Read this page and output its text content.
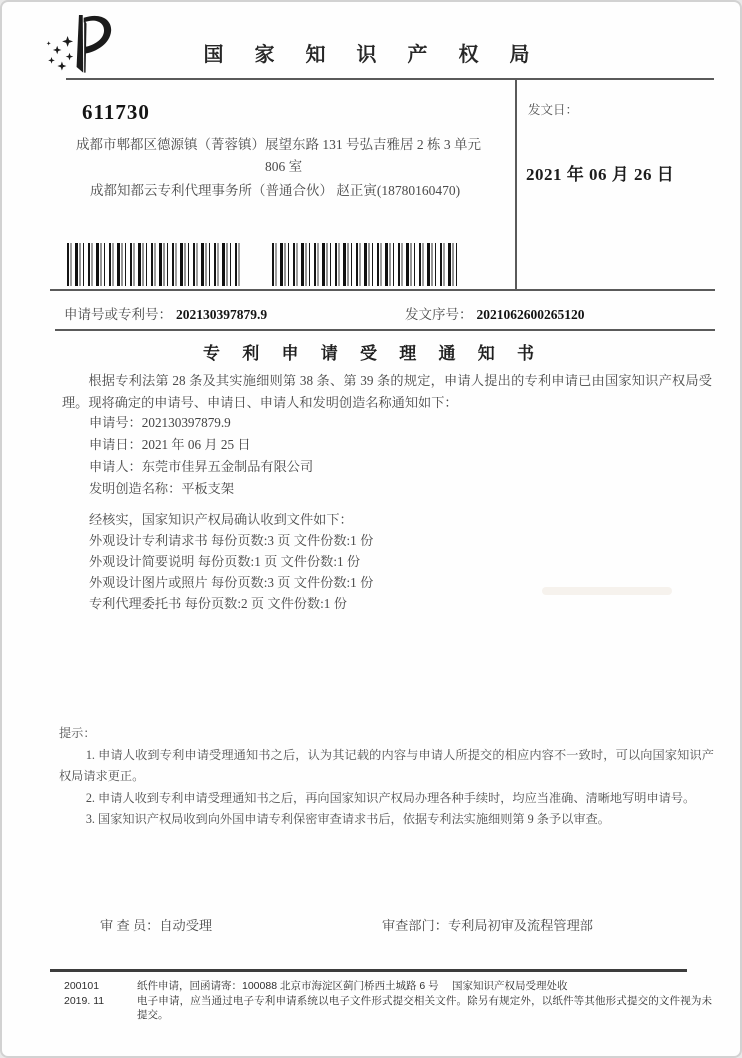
国 家 知 识 产 权 局
611730
成都市郫都区德源镇（菁蓉镇）展望东路 131 号弘吉雅居 2 栋 3 单元
806 室
成都知都云专利代理事务所（普通合伙） 赵正寅(18780160470)
发文日：
2021 年 06 月 26 日
申请号或专利号： 202130397879.9	发文序号： 2021062600265120
专 利 申 请 受 理 通 知 书

根据专利法第 28 条及其实施细则第 38 条、第 39 条的规定，申请人提出的专利申请已由国家知识产权局受理。现将确定的申请号、申请日、申请人和发明创造名称通知如下：

申请号：202130397879.9
申请日：2021 年 06 月 25 日
申请人：东莞市佳昇五金制品有限公司
发明创造名称：平板支架
经核实，国家知识产权局确认收到文件如下：
外观设计专利请求书 每份页数:3 页 文件份数:1 份
外观设计简要说明 每份页数:1 页 文件份数:1 份
外观设计图片或照片 每份页数:3 页 文件份数:1 份
专利代理委托书 每份页数:2 页 文件份数:1 份

提示：

1. 申请人收到专利申请受理通知书之后，认为其记载的内容与申请人所提交的相应内容不一致时，可以向国家知识产权局请求更正。

2. 申请人收到专利申请受理通知书之后，再向国家知识产权局办理各种手续时，均应当准确、清晰地写明申请号。

3. 国家知识产权局收到向外国申请专利保密审查请求书后，依据专利法实施细则第 9 条予以审查。

审 查 员：自动受理	审查部门：专利局初审及流程管理部
200101	纸件申请，回函请寄：100088 北京市海淀区蓟门桥西土城路 6 号　 国家知识产权局受理处收
2019. 11	电子申请，应当通过电子专利申请系统以电子文件形式提交相关文件。除另有规定外，以纸件等其他形式提交的文件视为未提交。
